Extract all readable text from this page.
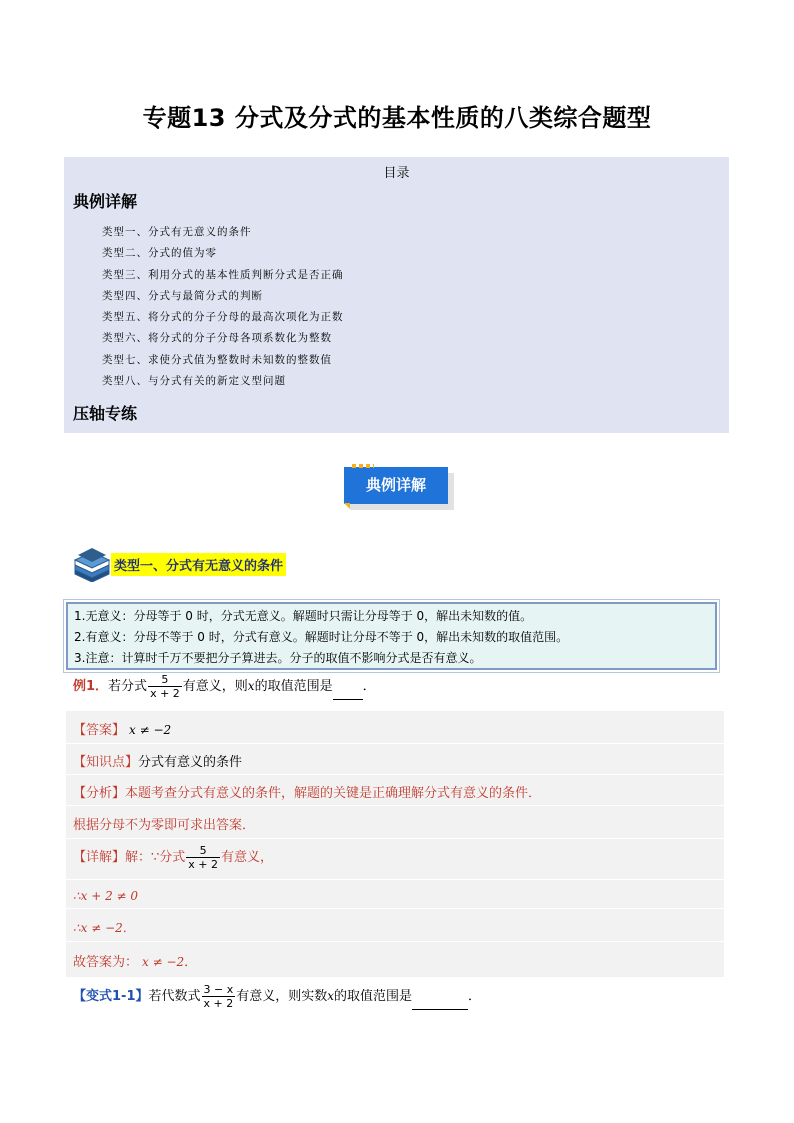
专题13 分式及分式的基本性质的八类综合题型
目录
典例详解
类型一、分式有无意义的条件
类型二、分式的值为零
类型三、利用分式的基本性质判断分式是否正确
类型四、分式与最简分式的判断
类型五、将分式的分子分母的最高次项化为正数
类型六、将分式的分子分母各项系数化为整数
类型七、求使分式值为整数时未知数的整数值
类型八、与分式有关的新定义型问题
压轴专练
典例详解
类型一、分式有无意义的条件
1.无意义：分母等于 0 时，分式无意义。解题时只需让分母等于 0，解出未知数的值。
2.有意义：分母不等于 0 时，分式有意义。解题时让分母不等于 0，解出未知数的取值范围。
3.注意：计算时千万不要把分子算进去。分子的取值不影响分式是否有意义。
例1．若分式 $\frac{5}{x + 2}$ 有意义，则x的取值范围是 ．
【答案】 x ≠ −2
【知识点】分式有意义的条件
【分析】本题考查分式有意义的条件，解题的关键是正确理解分式有意义的条件．
根据分母不为零即可求出答案．
【详解】解：∵分式 $\frac{5}{x + 2}$ 有意义，
∴x + 2 ≠ 0
∴x ≠ −2．
故答案为： x ≠ −2．
【变式1-1】若代数式 $\frac{3 - x}{x + 2}$ 有意义，则实数x的取值范围是	．
